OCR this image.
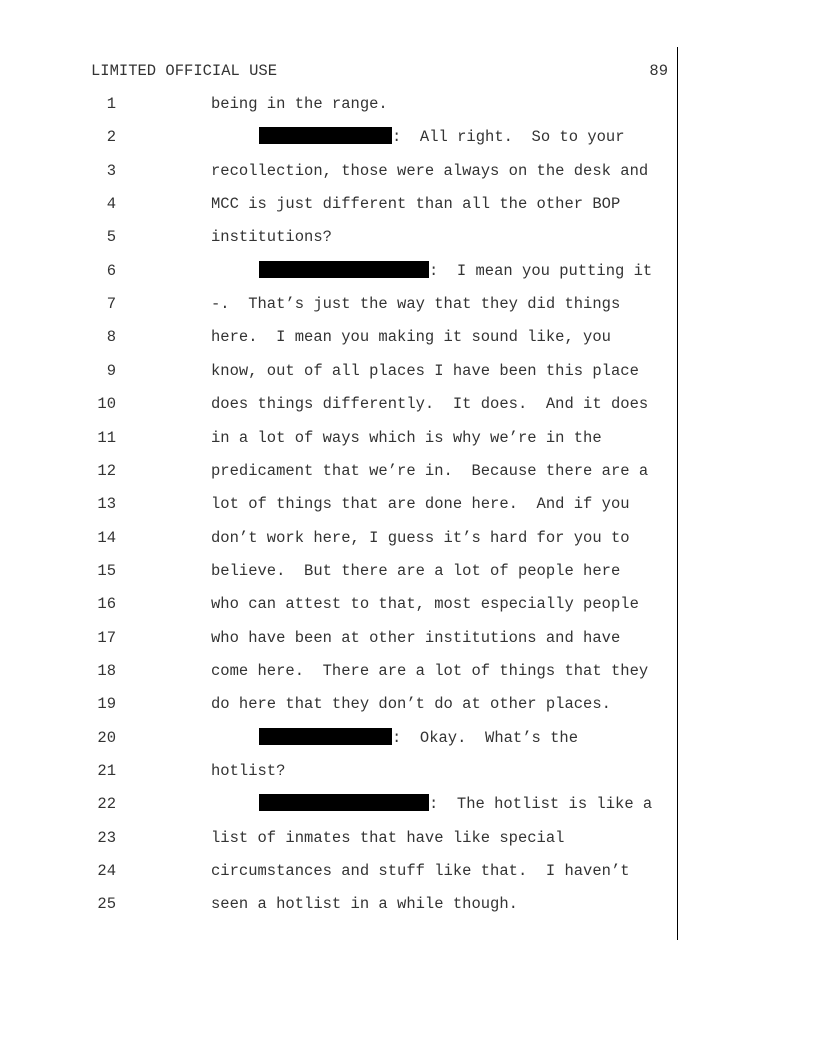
LIMITED OFFICIAL USE	89
1	being in the range.
2	:  All right.  So to your
3	recollection, those were always on the desk and
4	MCC is just different than all the other BOP
5	institutions?
6	:  I mean you putting it
7	-.  That’s just the way that they did things
8	here.  I mean you making it sound like, you
9	know, out of all places I have been this place
10	does things differently.  It does.  And it does
11	in a lot of ways which is why we’re in the
12	predicament that we’re in.  Because there are a
13	lot of things that are done here.  And if you
14	don’t work here, I guess it’s hard for you to
15	believe.  But there are a lot of people here
16	who can attest to that, most especially people
17	who have been at other institutions and have
18	come here.  There are a lot of things that they
19	do here that they don’t do at other places.
20	:  Okay.  What’s the
21	hotlist?
22	:  The hotlist is like a
23	list of inmates that have like special
24	circumstances and stuff like that.  I haven’t
25	seen a hotlist in a while though.
